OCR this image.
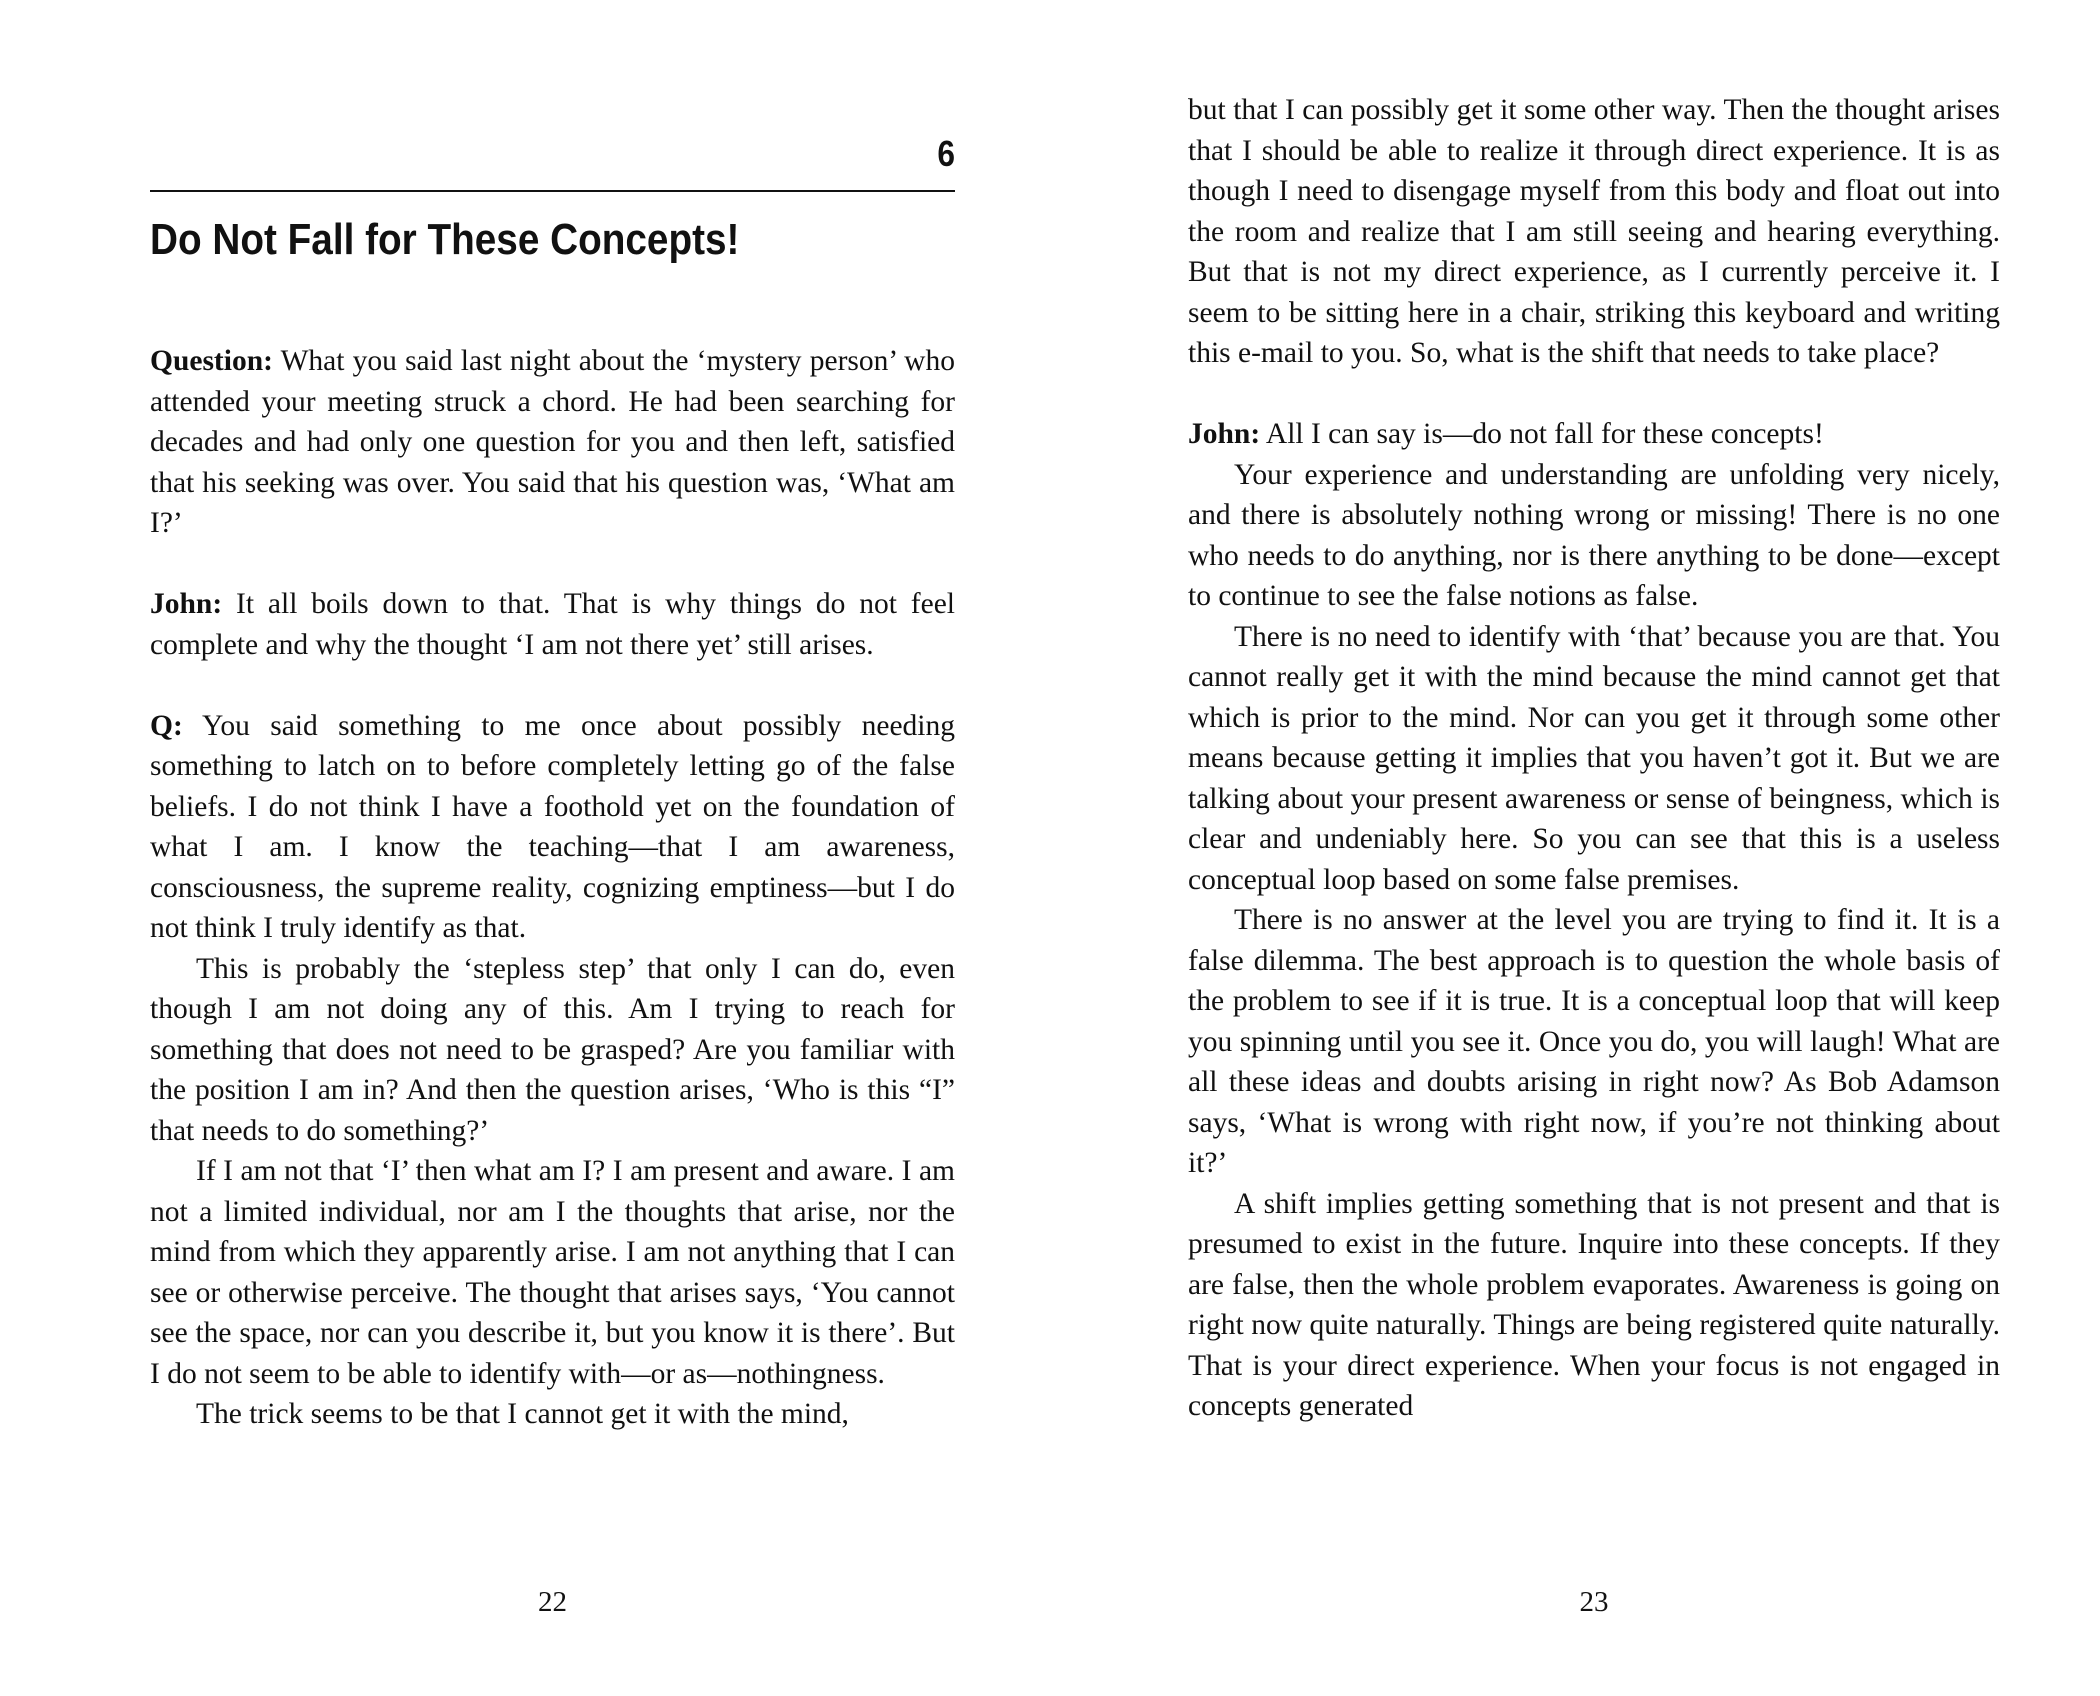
6
Do Not Fall for These Concepts!

Question: What you said last night about the ‘mystery person’ who attended your meeting struck a chord. He had been searching for decades and had only one question for you and then left, satisfied that his seeking was over. You said that his question was, ‘What am I?’

John: It all boils down to that. That is why things do not feel complete and why the thought ‘I am not there yet’ still arises.

Q: You said something to me once about possibly needing something to latch on to before completely letting go of the false beliefs. I do not think I have a foothold yet on the foundation of what I am. I know the teaching—that I am awareness, consciousness, the supreme reality, cognizing emptiness—but I do not think I truly identify as that.

This is probably the ‘stepless step’ that only I can do, even though I am not doing any of this. Am I trying to reach for something that does not need to be grasped? Are you familiar with the position I am in? And then the question arises, ‘Who is this “I” that needs to do something?’

If I am not that ‘I’ then what am I? I am present and aware. I am not a limited individual, nor am I the thoughts that arise, nor the mind from which they apparently arise. I am not anything that I can see or otherwise perceive. The thought that arises says, ‘You cannot see the space, nor can you describe it, but you know it is there’. But I do not seem to be able to identify with—or as—nothingness.

The trick seems to be that I cannot get it with the mind,

22

but that I can possibly get it some other way. Then the thought arises that I should be able to realize it through direct experience. It is as though I need to disengage myself from this body and float out into the room and realize that I am still seeing and hearing everything. But that is not my direct experience, as I currently perceive it. I seem to be sitting here in a chair, striking this keyboard and writing this e-mail to you. So, what is the shift that needs to take place?

John: All I can say is—do not fall for these concepts!

Your experience and understanding are unfolding very nicely, and there is absolutely nothing wrong or missing! There is no one who needs to do anything, nor is there anything to be done—except to continue to see the false notions as false.

There is no need to identify with ‘that’ because you are that. You cannot really get it with the mind because the mind cannot get that which is prior to the mind. Nor can you get it through some other means because getting it implies that you haven’t got it. But we are talking about your present awareness or sense of beingness, which is clear and undeniably here. So you can see that this is a useless conceptual loop based on some false premises.

There is no answer at the level you are trying to find it. It is a false dilemma. The best approach is to question the whole basis of the problem to see if it is true. It is a conceptual loop that will keep you spinning until you see it. Once you do, you will laugh! What are all these ideas and doubts arising in right now? As Bob Adamson says, ‘What is wrong with right now, if you’re not thinking about it?’

A shift implies getting something that is not present and that is presumed to exist in the future. Inquire into these concepts. If they are false, then the whole problem evaporates. Awareness is going on right now quite naturally. Things are being registered quite naturally. That is your direct experience. When your focus is not engaged in concepts generated

23
